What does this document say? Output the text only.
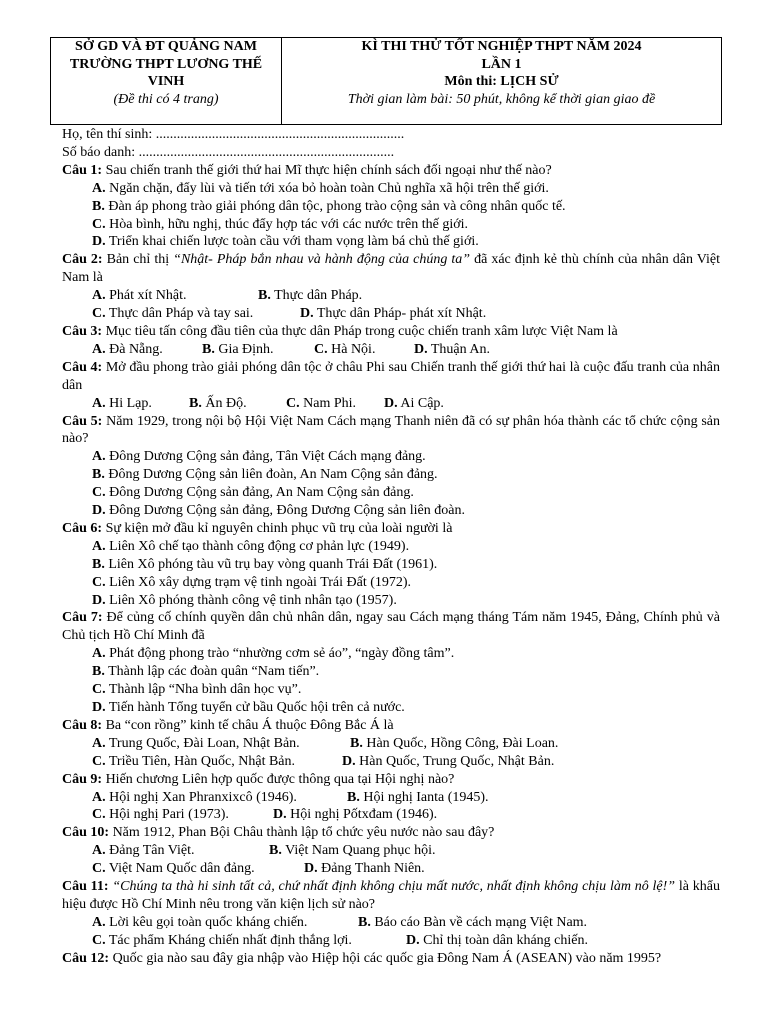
SỞ GD VÀ ĐT QUẢNG NAM
TRƯỜNG THPT LƯƠNG THẾ
VINH
(Đề thi có 4 trang)
KÌ THI THỬ TỐT NGHIỆP THPT NĂM 2024
LẦN 1
Môn thi: LỊCH SỬ
Thời gian làm bài: 50 phút, không kể thời gian giao đề
Họ, tên thí sinh: .......................................................................
Số báo danh: .........................................................................
Câu 1: Sau chiến tranh thế giới thứ hai Mĩ thực hiện chính sách đối ngoại như thế nào?
A. Ngăn chặn, đẩy lùi và tiến tới xóa bỏ hoàn toàn Chủ nghĩa xã hội trên thế giới.
B. Đàn áp phong trào giải phóng dân tộc, phong trào cộng sản và công nhân quốc tế.
C. Hòa bình, hữu nghị, thúc đẩy hợp tác với các nước trên thế giới.
D. Triển khai chiến lược toàn cầu với tham vọng làm bá chủ thế giới.
Câu 2: Bản chỉ thị “Nhật- Pháp bắn nhau và hành động của chúng ta” đã xác định kẻ thù chính của nhân dân Việt Nam là
A. Phát xít Nhật.	B. Thực dân Pháp.
C. Thực dân Pháp và tay sai.	D. Thực dân Pháp- phát xít Nhật.
Câu 3: Mục tiêu tấn công đầu tiên của thực dân Pháp trong cuộc chiến tranh xâm lược Việt Nam là
A. Đà Nẵng.	B. Gia Định.	C. Hà Nội.	D. Thuận An.
Câu 4: Mở đầu phong trào giải phóng dân tộc ở châu Phi sau Chiến tranh thế giới thứ hai là cuộc đấu tranh của nhân dân
A. Hi Lạp.	B. Ấn Độ.	C. Nam Phi. D. Ai Cập.
Câu 5: Năm 1929, trong nội bộ Hội Việt Nam Cách mạng Thanh niên đã có sự phân hóa thành các tổ chức cộng sản nào?
A. Đông Dương Cộng sản đảng, Tân Việt Cách mạng đảng.
B. Đông Dương Cộng sản liên đoàn, An Nam Cộng sản đảng.
C. Đông Dương Cộng sản đảng, An Nam Cộng sản đảng.
D. Đông Dương Cộng sản đảng, Đông Dương Cộng sản liên đoàn.
Câu 6: Sự kiện mở đầu kỉ nguyên chinh phục vũ trụ của loài người là
A. Liên Xô chế tạo thành công động cơ phản lực (1949).
B. Liên Xô phóng tàu vũ trụ bay vòng quanh Trái Đất (1961).
C. Liên Xô xây dựng trạm vệ tinh ngoài Trái Đất (1972).
D. Liên Xô phóng thành công vệ tinh nhân tạo (1957).
Câu 7: Để củng cố chính quyền dân chủ nhân dân, ngay sau Cách mạng tháng Tám năm 1945, Đảng, Chính phủ và Chủ tịch Hồ Chí Minh đã
A. Phát động phong trào “nhường cơm sẻ áo”, “ngày đồng tâm”.
B. Thành lập các đoàn quân “Nam tiến”.
C. Thành lập “Nha bình dân học vụ”.
D. Tiến hành Tổng tuyển cử bầu Quốc hội trên cả nước.
Câu 8: Ba “con rồng” kinh tế châu Á thuộc Đông Bắc Á là
A. Trung Quốc, Đài Loan, Nhật Bản.	B. Hàn Quốc, Hồng Công, Đài Loan.
C. Triều Tiên, Hàn Quốc, Nhật Bản.	D. Hàn Quốc, Trung Quốc, Nhật Bản.
Câu 9: Hiến chương Liên hợp quốc được thông qua tại Hội nghị nào?
A. Hội nghị Xan Phranxixcô (1946).	B. Hội nghị Ianta (1945).
C. Hội nghị Pari (1973).	D. Hội nghị Pốtxđam (1946).
Câu 10: Năm 1912, Phan Bội Châu thành lập tổ chức yêu nước nào sau đây?
A. Đảng Tân Việt.	B. Việt Nam Quang phục hội.
C. Việt Nam Quốc dân đảng.	D. Đảng Thanh Niên.
Câu 11: “Chúng ta thà hi sinh tất cả, chứ nhất định không chịu mất nước, nhất định không chịu làm nô lệ!” là khẩu hiệu được Hồ Chí Minh nêu trong văn kiện lịch sử nào?
A. Lời kêu gọi toàn quốc kháng chiến.	B. Báo cáo Bàn về cách mạng Việt Nam.
C. Tác phẩm Kháng chiến nhất định thắng lợi.	D. Chỉ thị toàn dân kháng chiến.
Câu 12: Quốc gia nào sau đây gia nhập vào Hiệp hội các quốc gia Đông Nam Á (ASEAN) vào năm 1995?
